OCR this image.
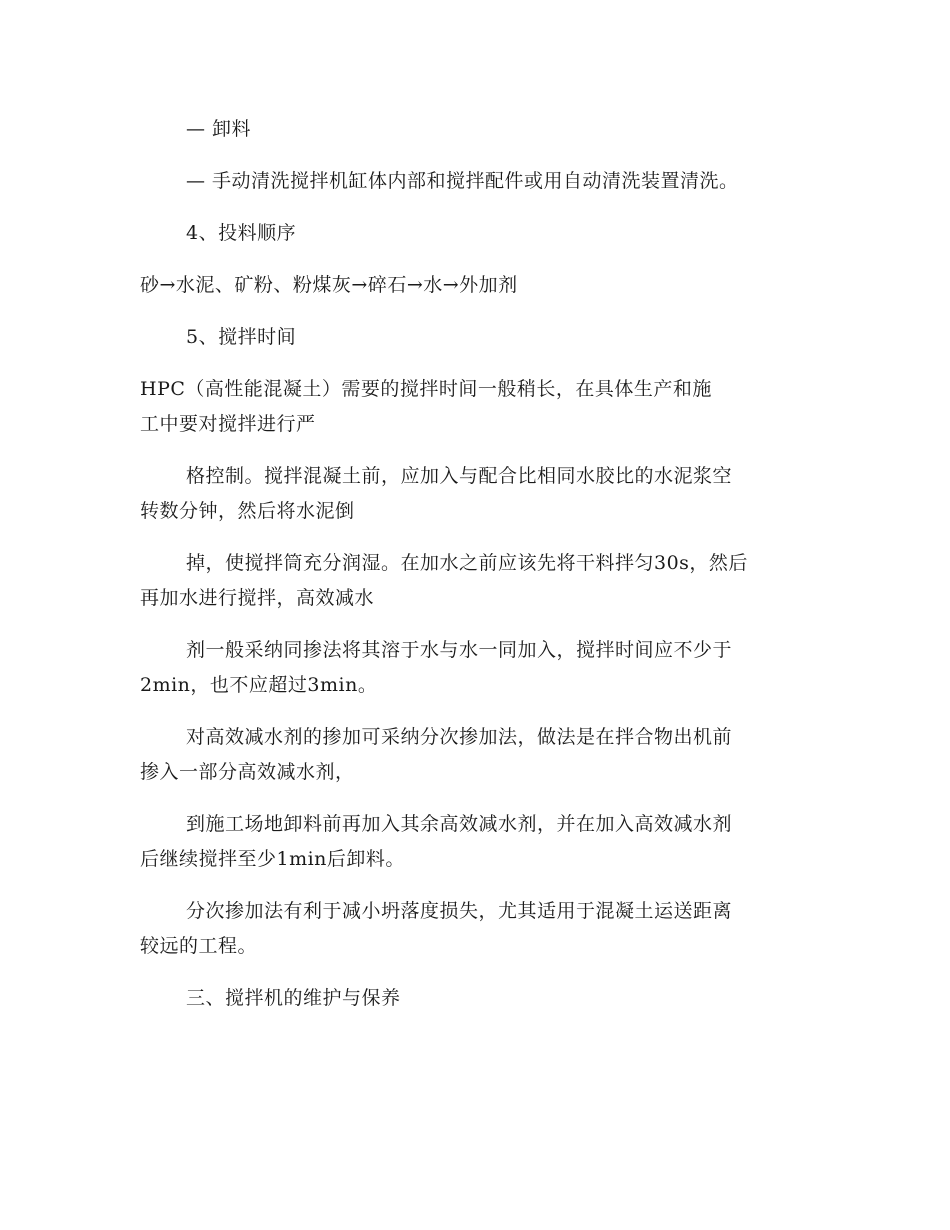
— 卸料

— 手动清洗搅拌机缸体内部和搅拌配件或用自动清洗装置清洗。

4、投料顺序

砂→水泥、矿粉、粉煤灰→碎石→水→外加剂

5、搅拌时间

HPC（高性能混凝土）需要的搅拌时间一般稍长，在具体生产和施
工中要对搅拌进行严

格控制。搅拌混凝土前，应加入与配合比相同水胶比的水泥浆空
转数分钟，然后将水泥倒

掉，使搅拌筒充分润湿。在加水之前应该先将干料拌匀30s，然后
再加水进行搅拌，高效减水

剂一般采纳同掺法将其溶于水与水一同加入，搅拌时间应不少于
2min，也不应超过3min。

对高效减水剂的掺加可采纳分次掺加法，做法是在拌合物出机前
掺入一部分高效减水剂，

到施工场地卸料前再加入其余高效减水剂，并在加入高效减水剂
后继续搅拌至少1min后卸料。

分次掺加法有利于减小坍落度损失，尤其适用于混凝土运送距离
较远的工程。

三、搅拌机的维护与保养
